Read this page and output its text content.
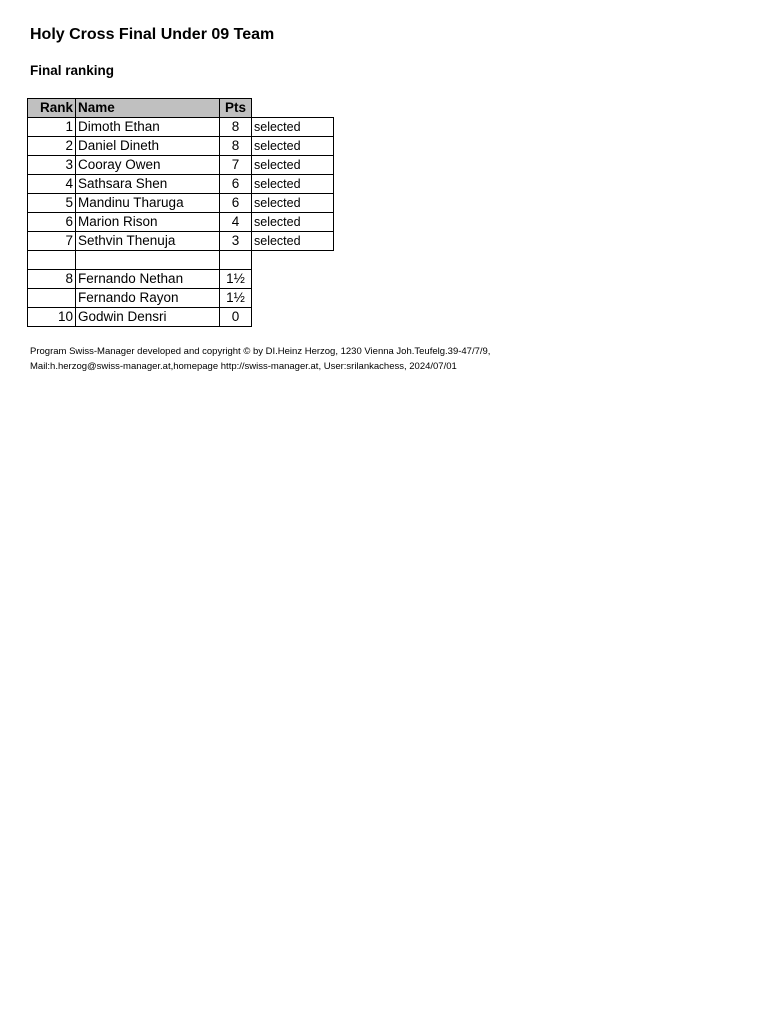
Holy Cross Final Under 09 Team
Final ranking
Rank	Name	Pts	
1	Dimoth Ethan	8	selected
2	Daniel Dineth	8	selected
3	Cooray Owen	7	selected
4	Sathsara Shen	6	selected
5	Mandinu Tharuga	6	selected
6	Marion Rison	4	selected
7	Sethvin Thenuja	3	selected

8	Fernando Nethan	1½	
	Fernando Rayon	1½	
10	Godwin Densri	0	
Program Swiss-Manager developed and copyright © by DI.Heinz Herzog, 1230 Vienna Joh.Teufelg.39-47/7/9,
Mail:h.herzog@swiss-manager.at,homepage http://swiss-manager.at, User:srilankachess, 2024/07/01
